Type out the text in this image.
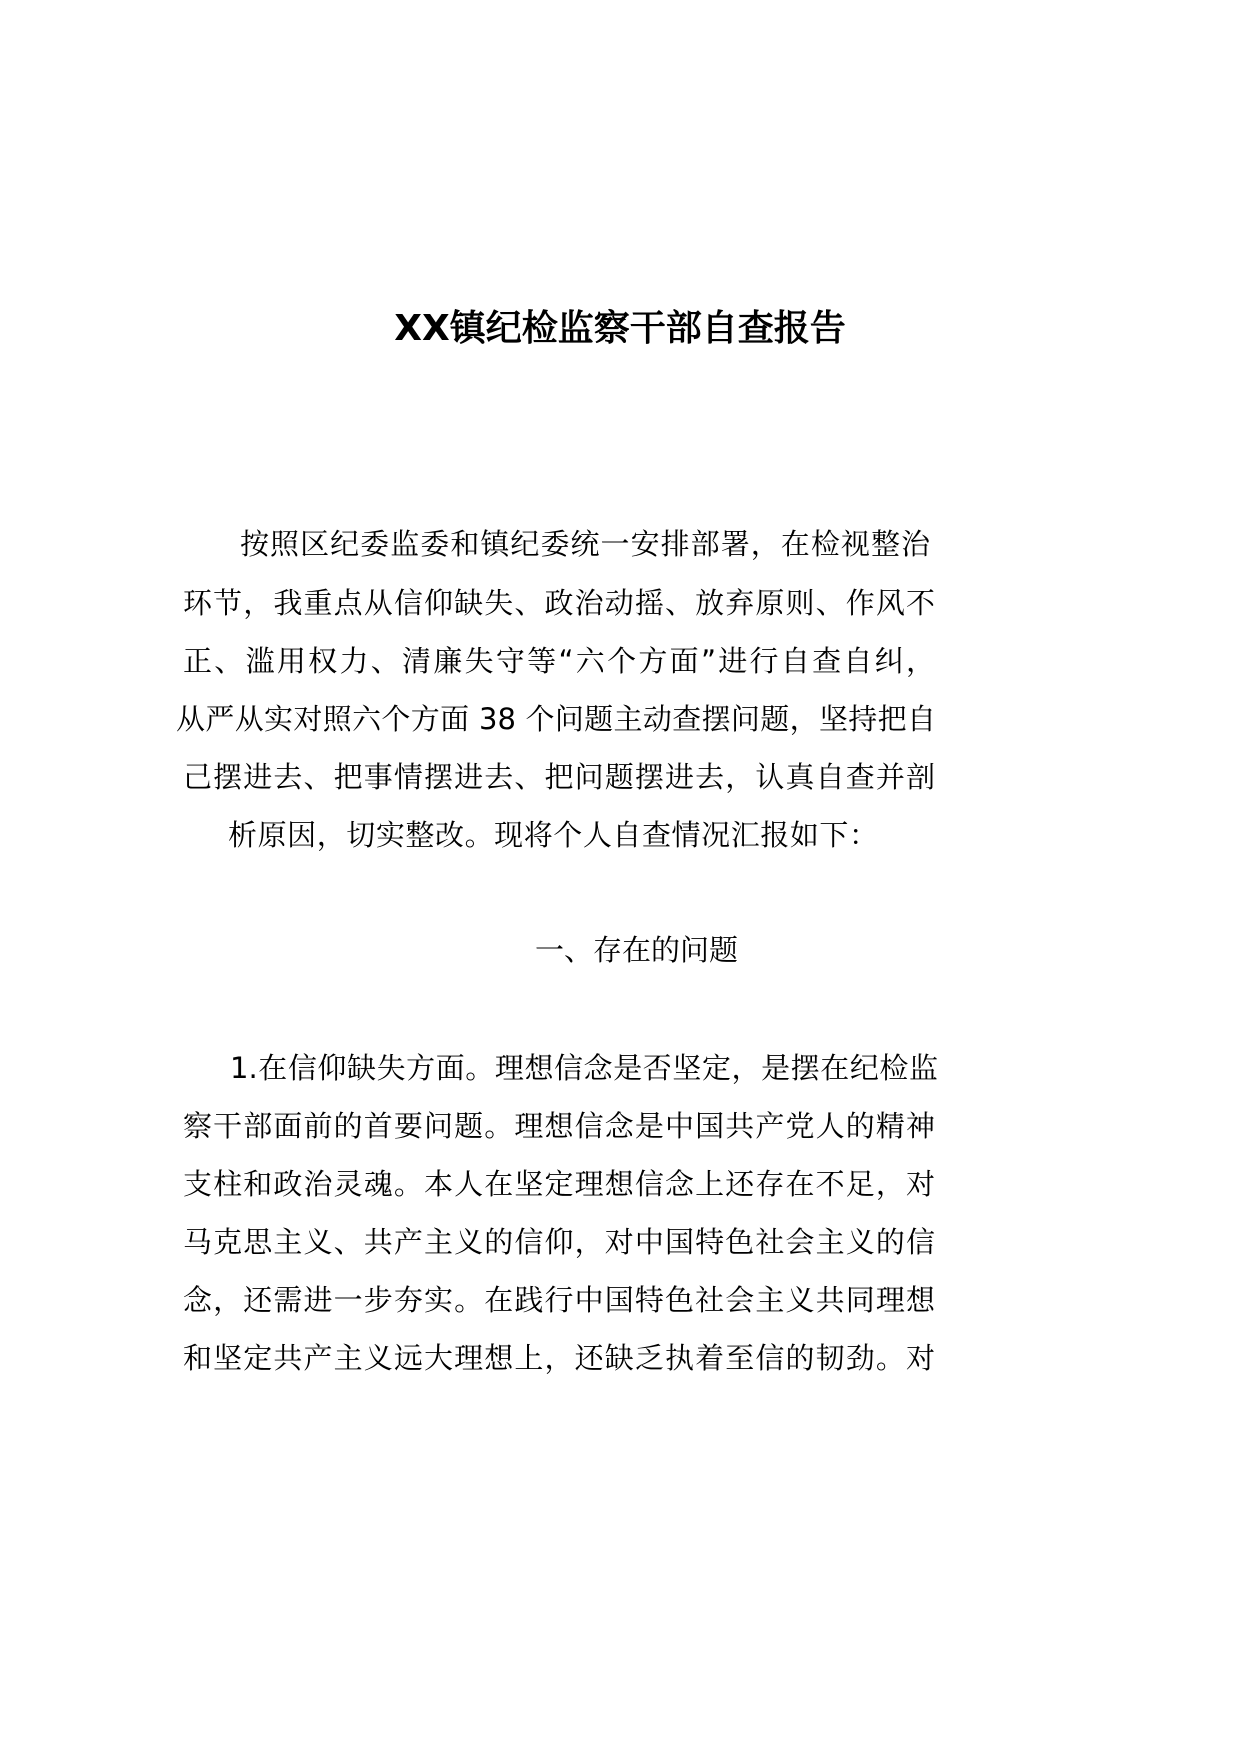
XX镇纪检监察干部自查报告
按照区纪委监委和镇纪委统一安排部署，在检视整治
环节，我重点从信仰缺失、政治动摇、放弃原则、作风不
正、滥用权力、清廉失守等“六个方面”进行自查自纠，
从严从实对照六个方面 38 个问题主动查摆问题，坚持把自
己摆进去、把事情摆进去、把问题摆进去，认真自查并剖
析原因，切实整改。现将个人自查情况汇报如下：
一、存在的问题
1.在信仰缺失方面。理想信念是否坚定，是摆在纪检监
察干部面前的首要问题。理想信念是中国共产党人的精神
支柱和政治灵魂。本人在坚定理想信念上还存在不足，对
马克思主义、共产主义的信仰，对中国特色社会主义的信
念，还需进一步夯实。在践行中国特色社会主义共同理想
和坚定共产主义远大理想上，还缺乏执着至信的韧劲。对
